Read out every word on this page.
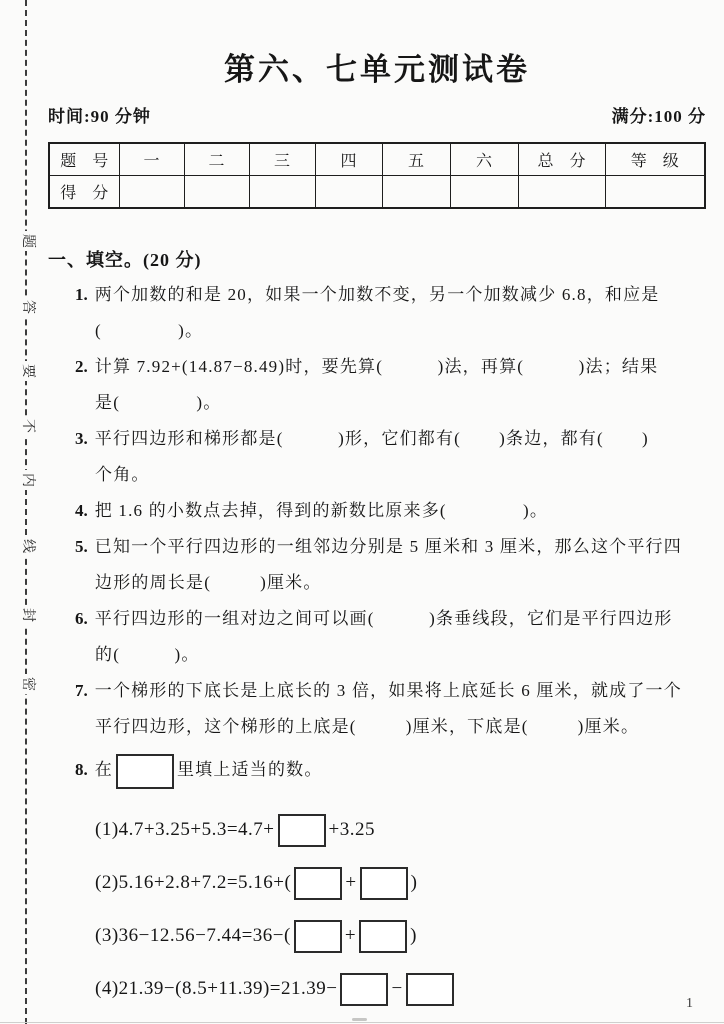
题
答
要
不
内
线
封
密
第六、七单元测试卷
时间:90 分钟	满分:100 分
题　号	一	二	三	四	五	六	总　分	等　级
得　分								
一、填空。(20 分)
1. 两个加数的和是 20，如果一个加数不变，另一个加数减少 6.8，和应是
(              )。
2. 计算 7.92+(14.87−8.49)时，要先算(          )法，再算(          )法；结果
是(              )。
3. 平行四边形和梯形都是(          )形，它们都有(       )条边，都有(       )
个角。
4. 把 1.6 的小数点去掉，得到的新数比原来多(              )。
5. 已知一个平行四边形的一组邻边分别是 5 厘米和 3 厘米，那么这个平行四
边形的周长是(         )厘米。
6. 平行四边形的一组对边之间可以画(          )条垂线段，它们是平行四边形
的(          )。
7. 一个梯形的下底长是上底长的 3 倍，如果将上底延长 6 厘米，就成了一个
平行四边形，这个梯形的上底是(         )厘米，下底是(         )厘米。
8. 在	里填上适当的数。
(1)4.7+3.25+5.3=4.7+	+3.25
(2)5.16+2.8+7.2=5.16+(	+	)
(3)36−12.56−7.44=36−(	+	)
(4)21.39−(8.5+11.39)=21.39−	−
1
